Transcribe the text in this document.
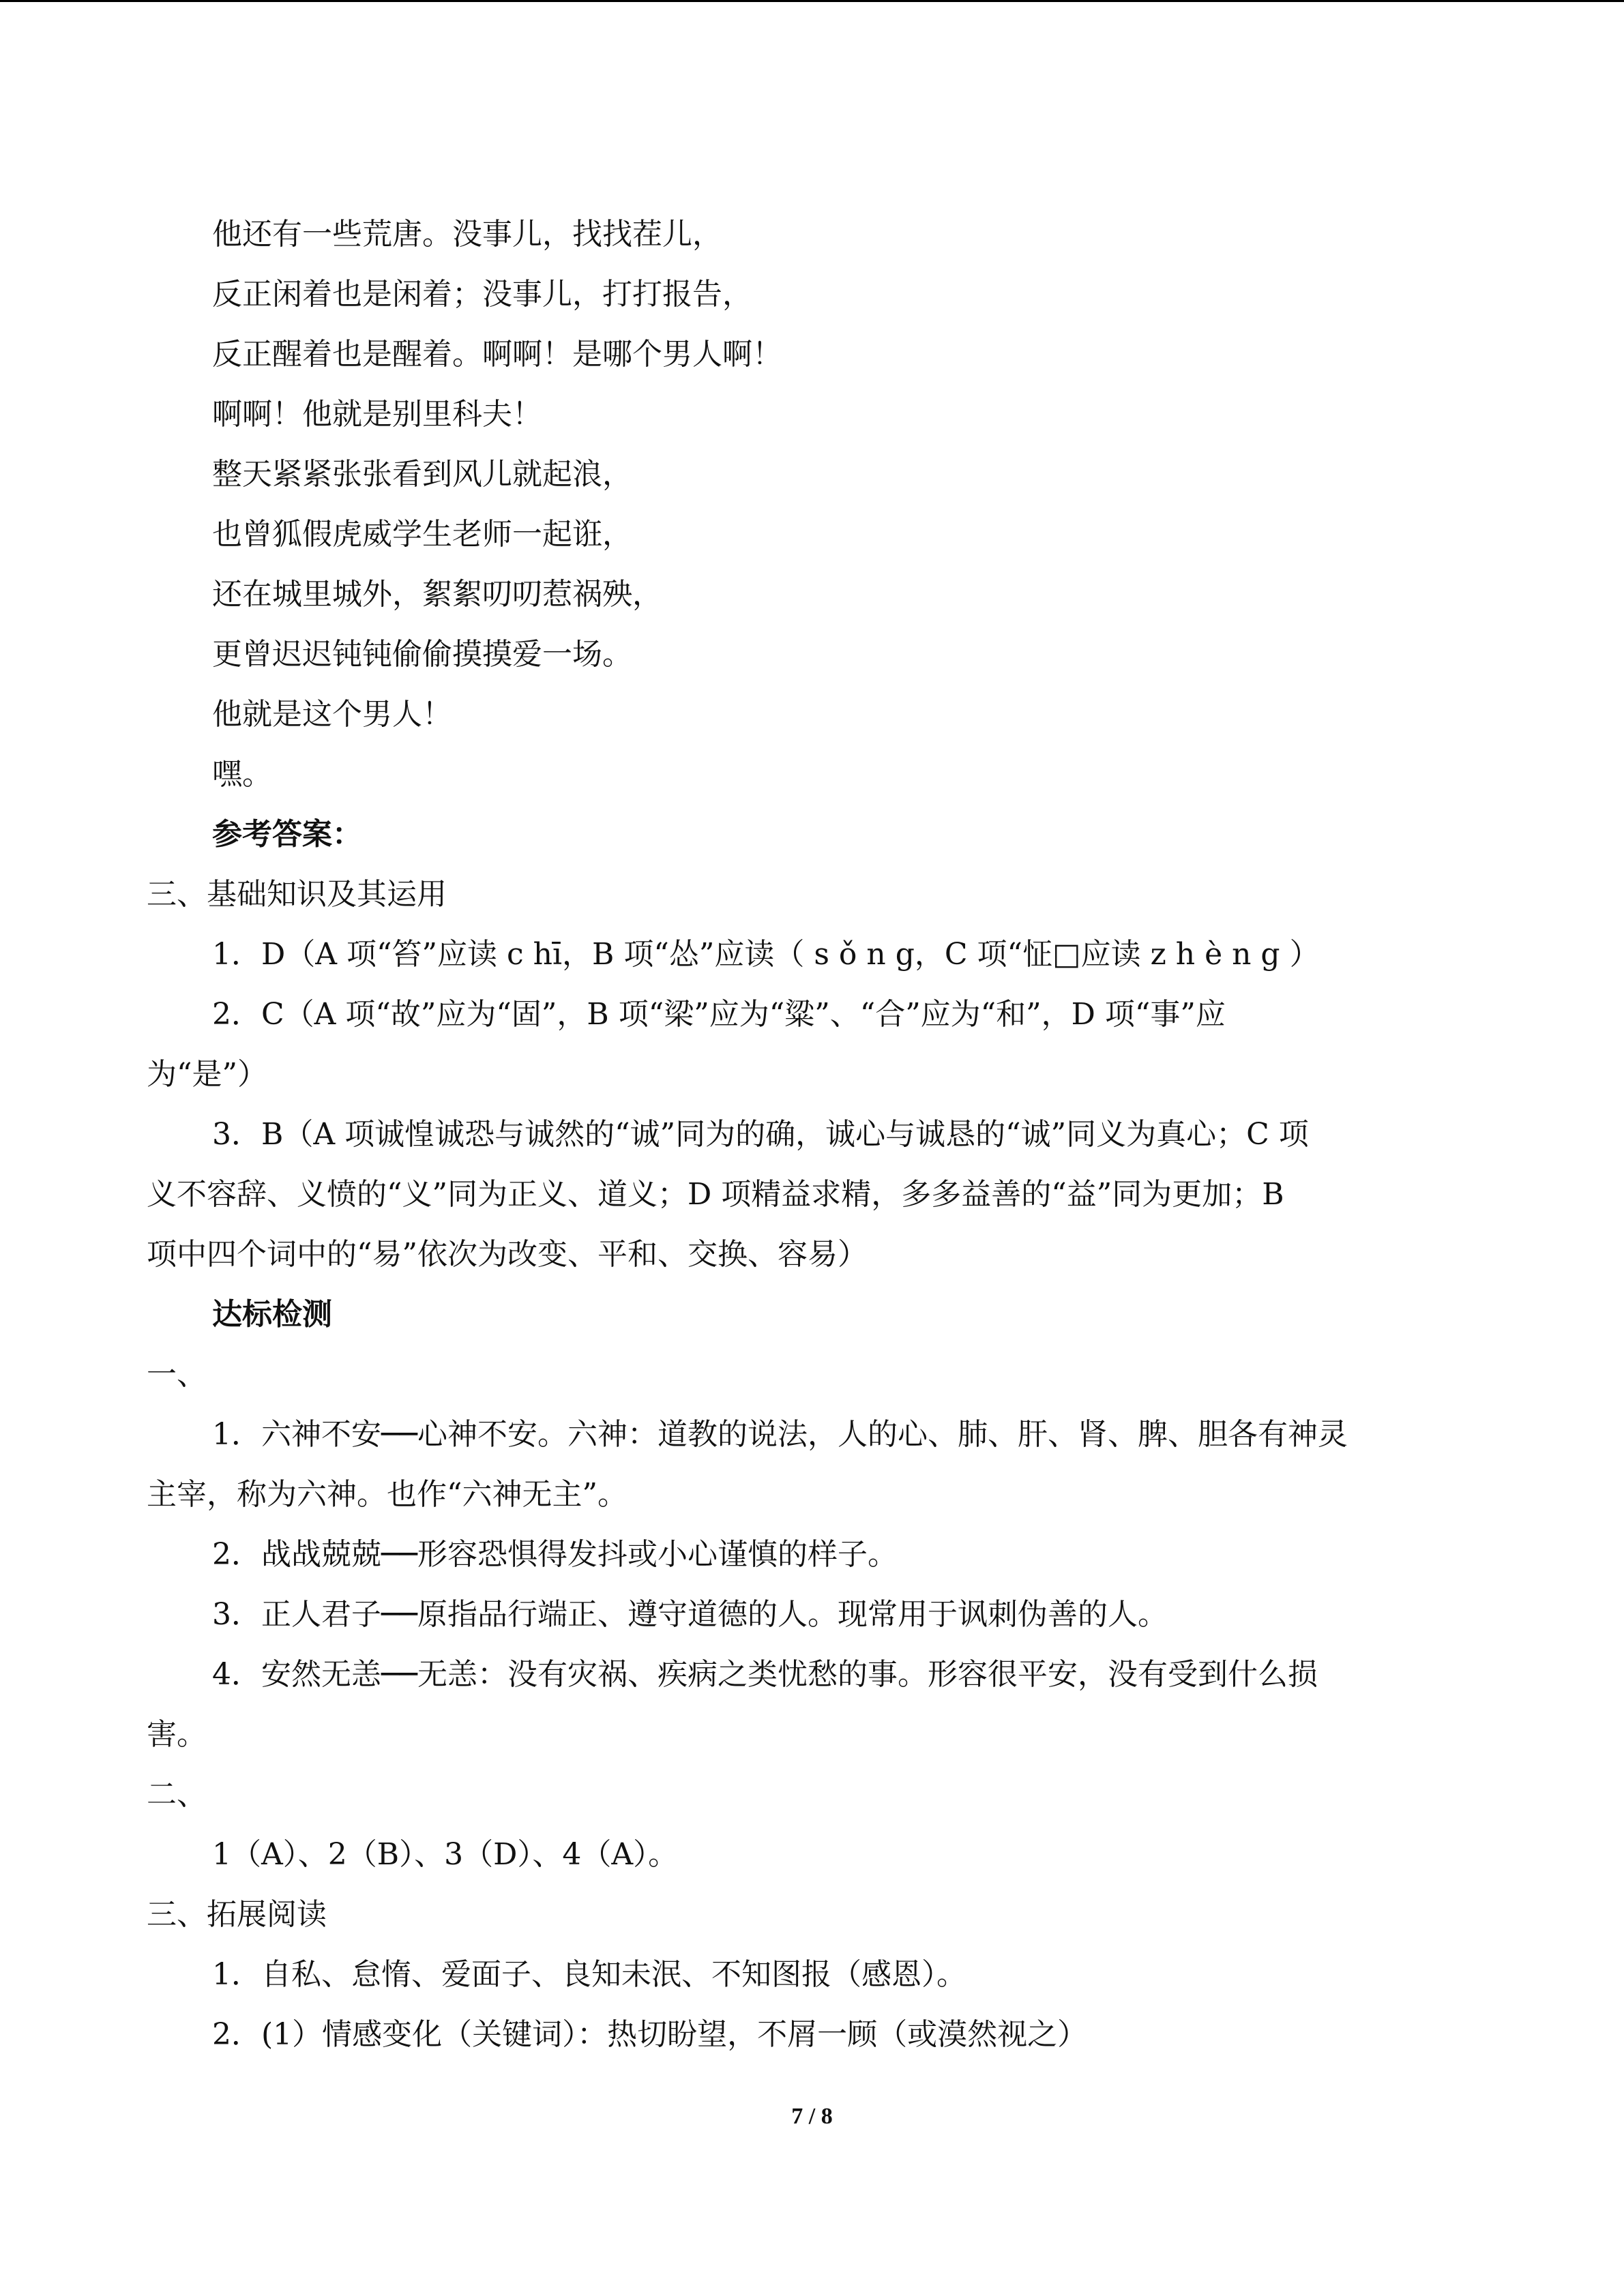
他还有一些荒唐。没事儿，找找茬儿，
反正闲着也是闲着；没事儿，打打报告，
反正醒着也是醒着。啊啊！是哪个男人啊！
啊啊！他就是别里科夫！
整天紧紧张张看到风儿就起浪，
也曾狐假虎威学生老师一起诳，
还在城里城外，絮絮叨叨惹祸殃，
更曾迟迟钝钝偷偷摸摸爱一场。
他就是这个男人！
嘿。
参考答案：
三、基础知识及其运用
1．D（A 项“笞”应读 c hī，B 项“怂”应读（ s ǒ n g，C 项“怔□应读 z h è n g ）
2．C（A 项“故”应为“固”，B 项“梁”应为“粱”、“合”应为“和”，D 项“事”应
为“是”）
3．B（A 项诚惶诚恐与诚然的“诚”同为的确，诚心与诚恳的“诚”同义为真心；C 项
义不容辞、义愤的“义”同为正义、道义；D 项精益求精，多多益善的“益”同为更加；B
项中四个词中的“易”依次为改变、平和、交换、容易）
达标检测
一、
1．六神不安──心神不安。六神：道教的说法，人的心、肺、肝、肾、脾、胆各有神灵
主宰，称为六神。也作“六神无主”。
2．战战兢兢──形容恐惧得发抖或小心谨慎的样子。
3．正人君子──原指品行端正、遵守道德的人。现常用于讽刺伪善的人。
4．安然无恙──无恙：没有灾祸、疾病之类忧愁的事。形容很平安，没有受到什么损
害。
二、
1（A）、2（B）、3（D）、4（A）。
三、拓展阅读
1．自私、怠惰、爱面子、良知未泯、不知图报（感恩）。
2．(1）情感变化（关键词）：热切盼望，不屑一顾（或漠然视之）
7 / 8
